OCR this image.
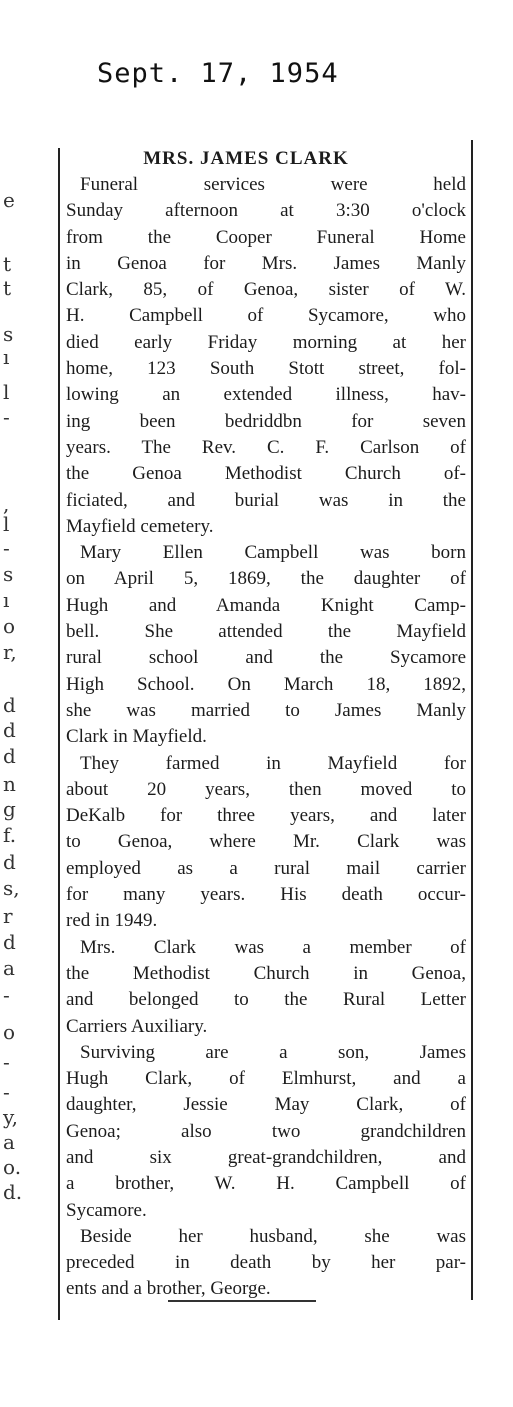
Sept. 17, 1954
e
t
t
s
ı
l
-
,
l
-
s
ı
o
r,
d
d
d
n
g
f.
d
s,
r
d
a
-
o
-
-
y,
a
o.
d.
MRS. JAMES CLARK
Funeral services were held
Sunday afternoon at 3:30 o'clock
from the Cooper Funeral Home
in Genoa for Mrs. James Manly
Clark, 85, of Genoa, sister of W.
H. Campbell of Sycamore, who
died early Friday morning at her
home, 123 South Stott street, fol-
lowing an extended illness, hav-
ing been bedriddbn for seven
years. The Rev. C. F. Carlson of
the Genoa Methodist Church of-
ficiated, and burial was in the
Mayfield cemetery.
Mary Ellen Campbell was born
on April 5, 1869, the daughter of
Hugh and Amanda Knight Camp-
bell. She attended the Mayfield
rural school and the Sycamore
High School. On March 18, 1892,
she was married to James Manly
Clark in Mayfield.
They farmed in Mayfield for
about 20 years, then moved to
DeKalb for three years, and later
to Genoa, where Mr. Clark was
employed as a rural mail carrier
for many years. His death occur-
red in 1949.
Mrs. Clark was a member of
the Methodist Church in Genoa,
and belonged to the Rural Letter
Carriers Auxiliary.
Surviving are a son, James
Hugh Clark, of Elmhurst, and a
daughter, Jessie May Clark, of
Genoa; also two grandchildren
and six great-grandchildren, and
a brother, W. H. Campbell of
Sycamore.
Beside her husband, she was
preceded in death by her par-
ents and a brother, George.
